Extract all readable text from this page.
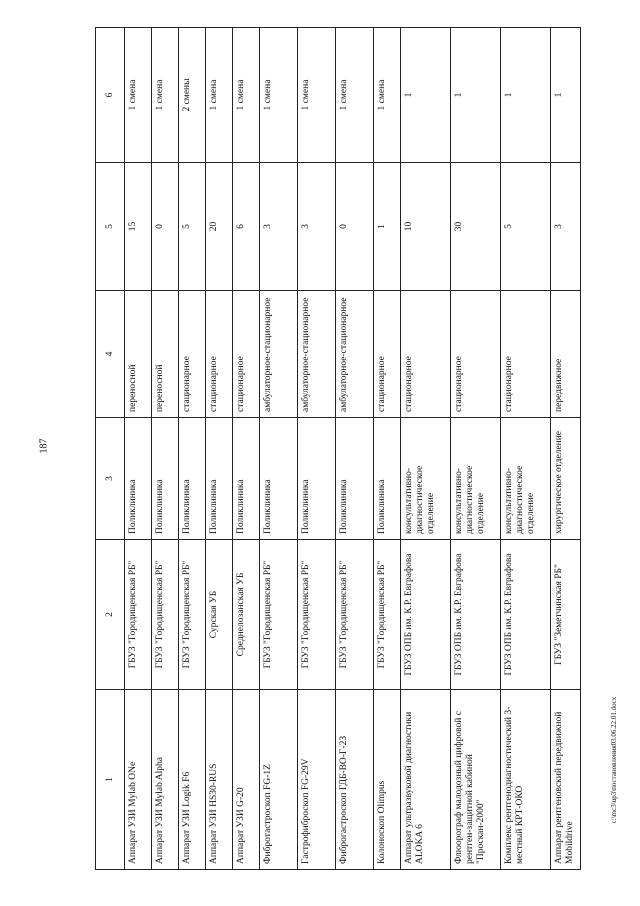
187
1	2	3	4	5	6
Аппарат УЗИ Mylab ONe	ГБУЗ "Городищенская РБ"	Поликлиника	переносной	15	1 смена
Аппарат УЗИ Mylab Alpha	ГБУЗ "Городищенская РБ"	Поликлиника	переносной	0	1 смена
Аппарат УЗИ Logik F6	ГБУЗ "Городищенская РБ"	Поликлиника	стационарное	5	2 смены
Аппарат УЗИ HS30-RUS	Сурская УБ	Поликлиника	стационарное	20	1 смена
Аппарат УЗИ G-20	Среднелозанская УБ	Поликлиника	стационарное	6	1 смена
Фибротастроскоп FG-1Z	ГБУЗ "Городищенская РБ"	Поликлиника	амбулаторное-стационарное	3	1 смена
Гастрофиброскоп FG-29V	ГБУЗ "Городищенская РБ"	Поликлиника	амбулаторное-стационарное	3	1 смена
Фиброгастроскоп ГДБ-ВО-Г-23	ГБУЗ "Городищенская РБ"	Поликлиника	амбулаторное-стационарное	0	1 смена
Колоноскоп Olimpus	ГБУЗ "Городищенская РБ"	Поликлиника	стационарное	1	1 смена
Аппарат ультразвуковой диагностики ALOKA 6	ГБУЗ ОПБ им. К.Р. Евграфова	консультативно-диагностическое отделение	стационарное	10	1
Флюорограф малодозный цифровой с рентген-защитной кабиной "Проскан-2000"	ГБУЗ ОПБ им. К.Р. Евграфова	консультативно-диагностическое отделение	стационарное	30	1
Комплекс рентгенодиагностический 3-местный КРТ-ОКО	ГБУЗ ОПБ им. К.Р. Евграфова	консультативно-диагностическое отделение	стационарное	5	1
Аппарат рентгеновский передвижной Mobildrive	ГБУЗ "Земетчинская РБ"	хирургическое отделение	передвижное	3	1
c:\mc3\up3\постановления03.06.22.01.docx
